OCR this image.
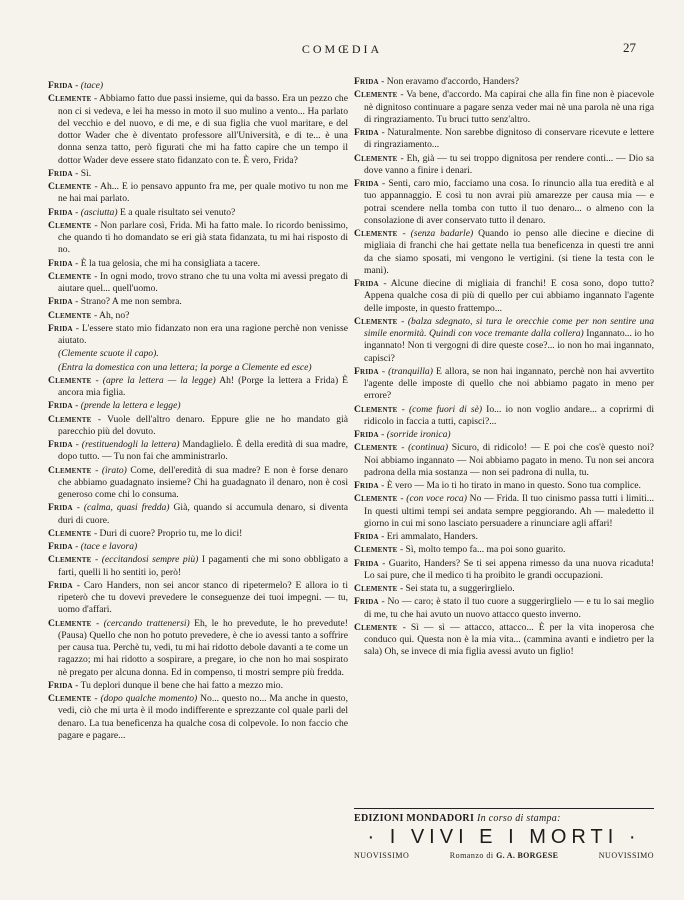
COMŒDIA	27

Frida - (tace)

Clemente - Abbiamo fatto due passi insieme, qui da basso. Era un pezzo che non ci si vedeva, e lei ha messo in moto il suo mulino a vento... Ha parlato del vecchio e del nuovo, e di me, e di sua figlia che vuol maritare, e del dottor Wader che è diventato professore all'Università, e di te... è una donna senza tatto, però figurati che mi ha fatto capire che un tempo il dottor Wader deve essere stato fidanzato con te. È vero, Frida?

Frida - Sì.

Clemente - Ah... E io pensavo appunto fra me, per quale motivo tu non me ne hai mai parlato.

Frida - (asciutta) E a quale risultato sei venuto?

Clemente - Non parlare così, Frida. Mi ha fatto male. Io ricordo benissimo, che quando ti ho domandato se eri già stata fidanzata, tu mi hai risposto di no.

Frida - È la tua gelosia, che mi ha consigliata a tacere.

Clemente - In ogni modo, trovo strano che tu una volta mi avessi pregato di aiutare quel... quell'uomo.

Frida - Strano? A me non sembra.

Clemente - Ah, no?

Frida - L'essere stato mio fidanzato non era una ragione perchè non venisse aiutato.

(Clemente scuote il capo).

(Entra la domestica con una lettera; la porge a Clemente ed esce)

Clemente - (apre la lettera — la legge) Ah! (Porge la lettera a Frida) È ancora mia figlia.

Frida - (prende la lettera e legge)

Clemente - Vuole dell'altro denaro. Eppure glie ne ho mandato già parecchio più del dovuto.

Frida - (restituendogli la lettera) Mandaglielo. È della eredità di sua madre, dopo tutto. — Tu non fai che amministrarlo.

Clemente - (irato) Come, dell'eredità di sua madre? E non è forse denaro che abbiamo guadagnato insieme? Chi ha guadagnato il denaro, non è così generoso come chi lo consuma.

Frida - (calma, quasi fredda) Già, quando si accumula denaro, si diventa duri di cuore.

Clemente - Duri di cuore? Proprio tu, me lo dici!

Frida - (tace e lavora)

Clemente - (eccitandosi sempre più) I pagamenti che mi sono obbligato a farti, quelli li ho sentiti io, però!

Frida - Caro Handers, non sei ancor stanco di ripetermelo? E allora io ti ripeterò che tu dovevi prevedere le conseguenze dei tuoi impegni. — tu, uomo d'affari.

Clemente - (cercando trattenersi) Eh, le ho prevedute, le ho prevedute! (Pausa) Quello che non ho potuto prevedere, è che io avessi tanto a soffrire per causa tua. Perchè tu, vedi, tu mi hai ridotto debole davanti a te come un ragazzo; mi hai ridotto a sospirare, a pregare, io che non ho mai sospirato nè pregato per alcuna donna. Ed in compenso, ti mostri sempre più fredda.

Frida - Tu deplori dunque il bene che hai fatto a mezzo mio.

Clemente - (dopo qualche momento) No... questo no... Ma anche in questo, vedi, ciò che mi urta è il modo indifferente e sprezzante col quale parli del denaro. La tua beneficenza ha qualche cosa di colpevole. Io non faccio che pagare e pagare...

Frida - Non eravamo d'accordo, Handers?

Clemente - Va bene, d'accordo. Ma capirai che alla fin fine non è piacevole nè dignitoso continuare a pagare senza veder mai nè una parola nè una riga di ringraziamento. Tu bruci tutto senz'altro.

Frida - Naturalmente. Non sarebbe dignitoso di conservare ricevute e lettere di ringraziamento...

Clemente - Eh, già — tu sei troppo dignitosa per rendere conti... — Dio sa dove vanno a finire i denari.

Frida - Senti, caro mio, facciamo una cosa. Io rinuncio alla tua eredità e al tuo appannaggio. E così tu non avrai più amarezze per causa mia — e potrai scendere nella tomba con tutto il tuo denaro... o almeno con la consolazione di aver conservato tutto il denaro.

Clemente - (senza badarle) Quando io penso alle diecine e diecine di migliaia di franchi che hai gettate nella tua beneficenza in questi tre anni da che siamo sposati, mi vengono le vertigini. (si tiene la testa con le mani).

Frida - Alcune diecine di migliaia di franchi! E cosa sono, dopo tutto? Appena qualche cosa di più di quello per cui abbiamo ingannato l'agente delle imposte, in questo frattempo...

Clemente - (balza sdegnato, si tura le orecchie come per non sentire una simile enormità. Quindi con voce tremante dalla collera) Ingannato... io ho ingannato! Non ti vergogni di dire queste cose?... io non ho mai ingannato, capisci?

Frida - (tranquilla) E allora, se non hai ingannato, perchè non hai avvertito l'agente delle imposte di quello che noi abbiamo pagato in meno per errore?

Clemente - (come fuori di sè) Io... io non voglio andare... a coprirmi di ridicolo in faccia a tutti, capisci?...

Frida - (sorride ironica)

Clemente - (continua) Sicuro, di ridicolo! — E poi che cos'è questo noi? Noi abbiamo ingannato — Noi abbiamo pagato in meno. Tu non sei ancora padrona della mia sostanza — non sei padrona di nulla, tu.

Frida - È vero — Ma io ti ho tirato in mano in questo. Sono tua complice.

Clemente - (con voce roca) No — Frida. Il tuo cinismo passa tutti i limiti... In questi ultimi tempi sei andata sempre peggiorando. Ah — maledetto il giorno in cui mi sono lasciato persuadere a rinunciare agli affari!

Frida - Eri ammalato, Handers.

Clemente - Sì, molto tempo fa... ma poi sono guarito.

Frida - Guarito, Handers? Se ti sei appena rimesso da una nuova ricaduta! Lo sai pure, che il medico ti ha proibito le grandi occupazioni.

Clemente - Sei stata tu, a suggerirglielo.

Frida - No — caro; è stato il tuo cuore a suggerirglielo — e tu lo sai meglio di me, tu che hai avuto un nuovo attacco questo inverno.

Clemente - Sì — sì — attacco, attacco... È per la vita inoperosa che conduco qui. Questa non è la mia vita... (cammina avanti e indietro per la sala) Oh, se invece di mia figlia avessi avuto un figlio!

EDIZIONI MONDADORI In corso di stampa:
· I VIVI E I MORTI ·
NUOVISSIMO	Romanzo di G. A. BORGESE	NUOVISSIMO
